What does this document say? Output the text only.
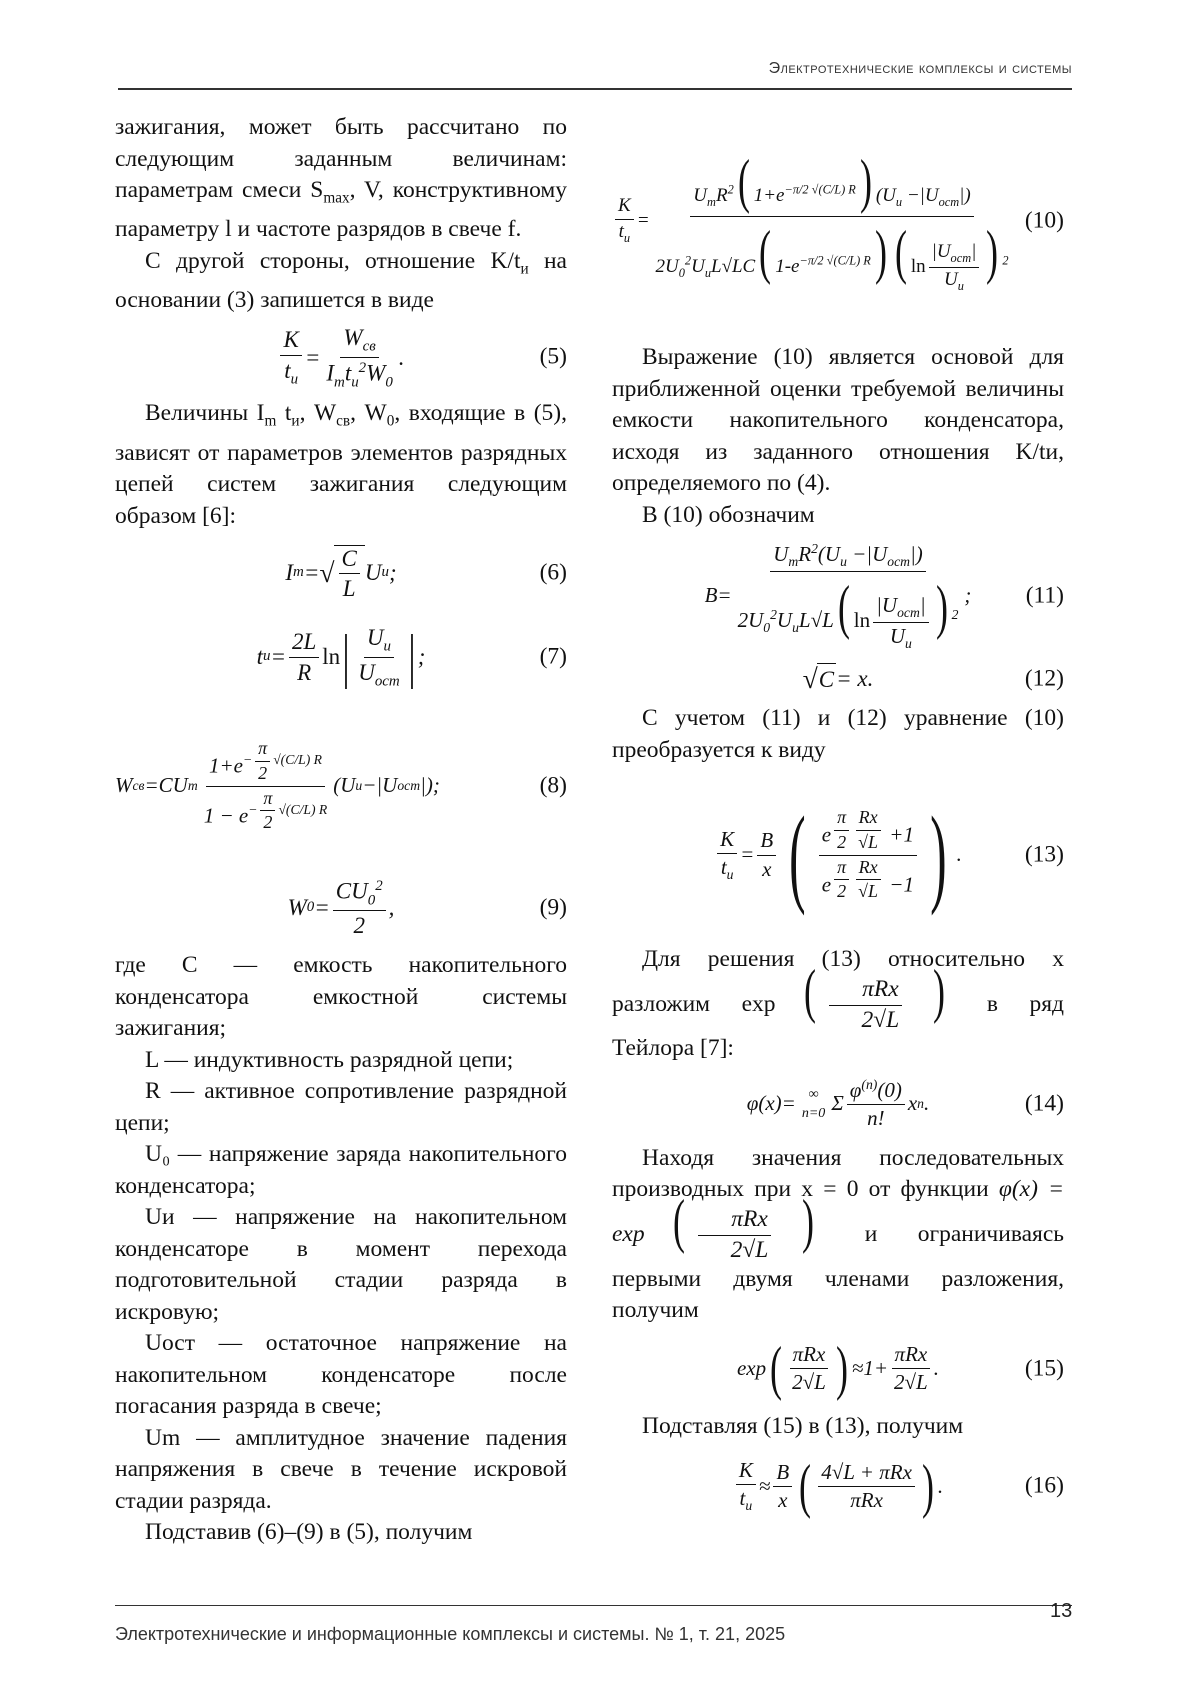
Электротехнические комплексы и системы

зажигания, может быть рассчитано по следующим заданным величинам: параметрам смеси Smax, V, конструктивному параметру l и частоте разрядов в свече f.

С другой стороны, отношение K/tи на основании (3) запишется в виде

K
tи
=
Wсв
Imtи2W0
.	(5)

Величины Im tи, Wсв, W0, входящие в (5), зависят от параметров элементов разрядных цепей систем зажигания следующим образом [6]:

I m = √ C
L
U и ;	(6)
t и =
2L
R
ln | Uи
Uост | ;	(7)
W св =CU m
1+e−
π
2
√(C/L) R
1 − e−
π
2
√(C/L) R
(U и −|U ост |);	(8)
W 0 =
CU02
2
,	(9)

где C — емкость накопительного конденсатора емкостной системы зажигания;

L — индуктивность разрядной цепи;

R — активное сопротивление разрядной цепи;

U₀ — напряжение заряда накопительного конденсатора;

Uи — напряжение на накопительном конденсаторе в момент перехода подготовительной стадии разряда в искровую;

Uост — остаточное напряжение на накопительном конденсаторе после погасания разряда в свече;

Um — амплитудное значение падения напряжения в свече в течение искровой стадии разряда.

Подставив (6)–(9) в (5), получим

K
tи
=
UmR2( 1+e−π/2 √(C/L) R) (Uи −|Uост|)
2U02UиL√LC( 1-e−π/2 √(C/L) R) ( ln
|Uост|
Uи
) 2
(10)

Выражение (10) является основой для приближенной оценки требуемой величины емкости накопительного конденсатора, исходя из заданного отношения K/tи, определяемого по (4).

В (10) обозначим

B=
UmR2(Uи −|Uост|)
2U02UиL√L( ln
|Uост|
Uи
) 2
; (11)
√ C = x.	(12)

С учетом (11) и (12) уравнение (10) преобразуется к виду

K
tи
=
B
x ( e
π
2
Rx
√L +1
e
π
2
Rx
√L −1 ) .	(13)

Для решения (13) относительно x разложим exp (	πRx
2√L ) в ряд Тейлора [7]:

φ(x)= ∞
n=0 Σ
φ(n)(0)
n!
x n .	(14)

Находя значения последовательных производных при x = 0 от функции φ(x) = exp (	πRx
2√L ) и ограничиваясь первыми двумя членами разложения, получим

exp ( πRx
2√L ) ≈1+
πRx
2√L
.	(15)

Подставляя (15) в (13), получим

K
tи
≈
B
x ( 4√L + πRx
πRx ) .	(16)
13
Электротехнические и информационные комплексы и системы. № 1, т. 21, 2025
